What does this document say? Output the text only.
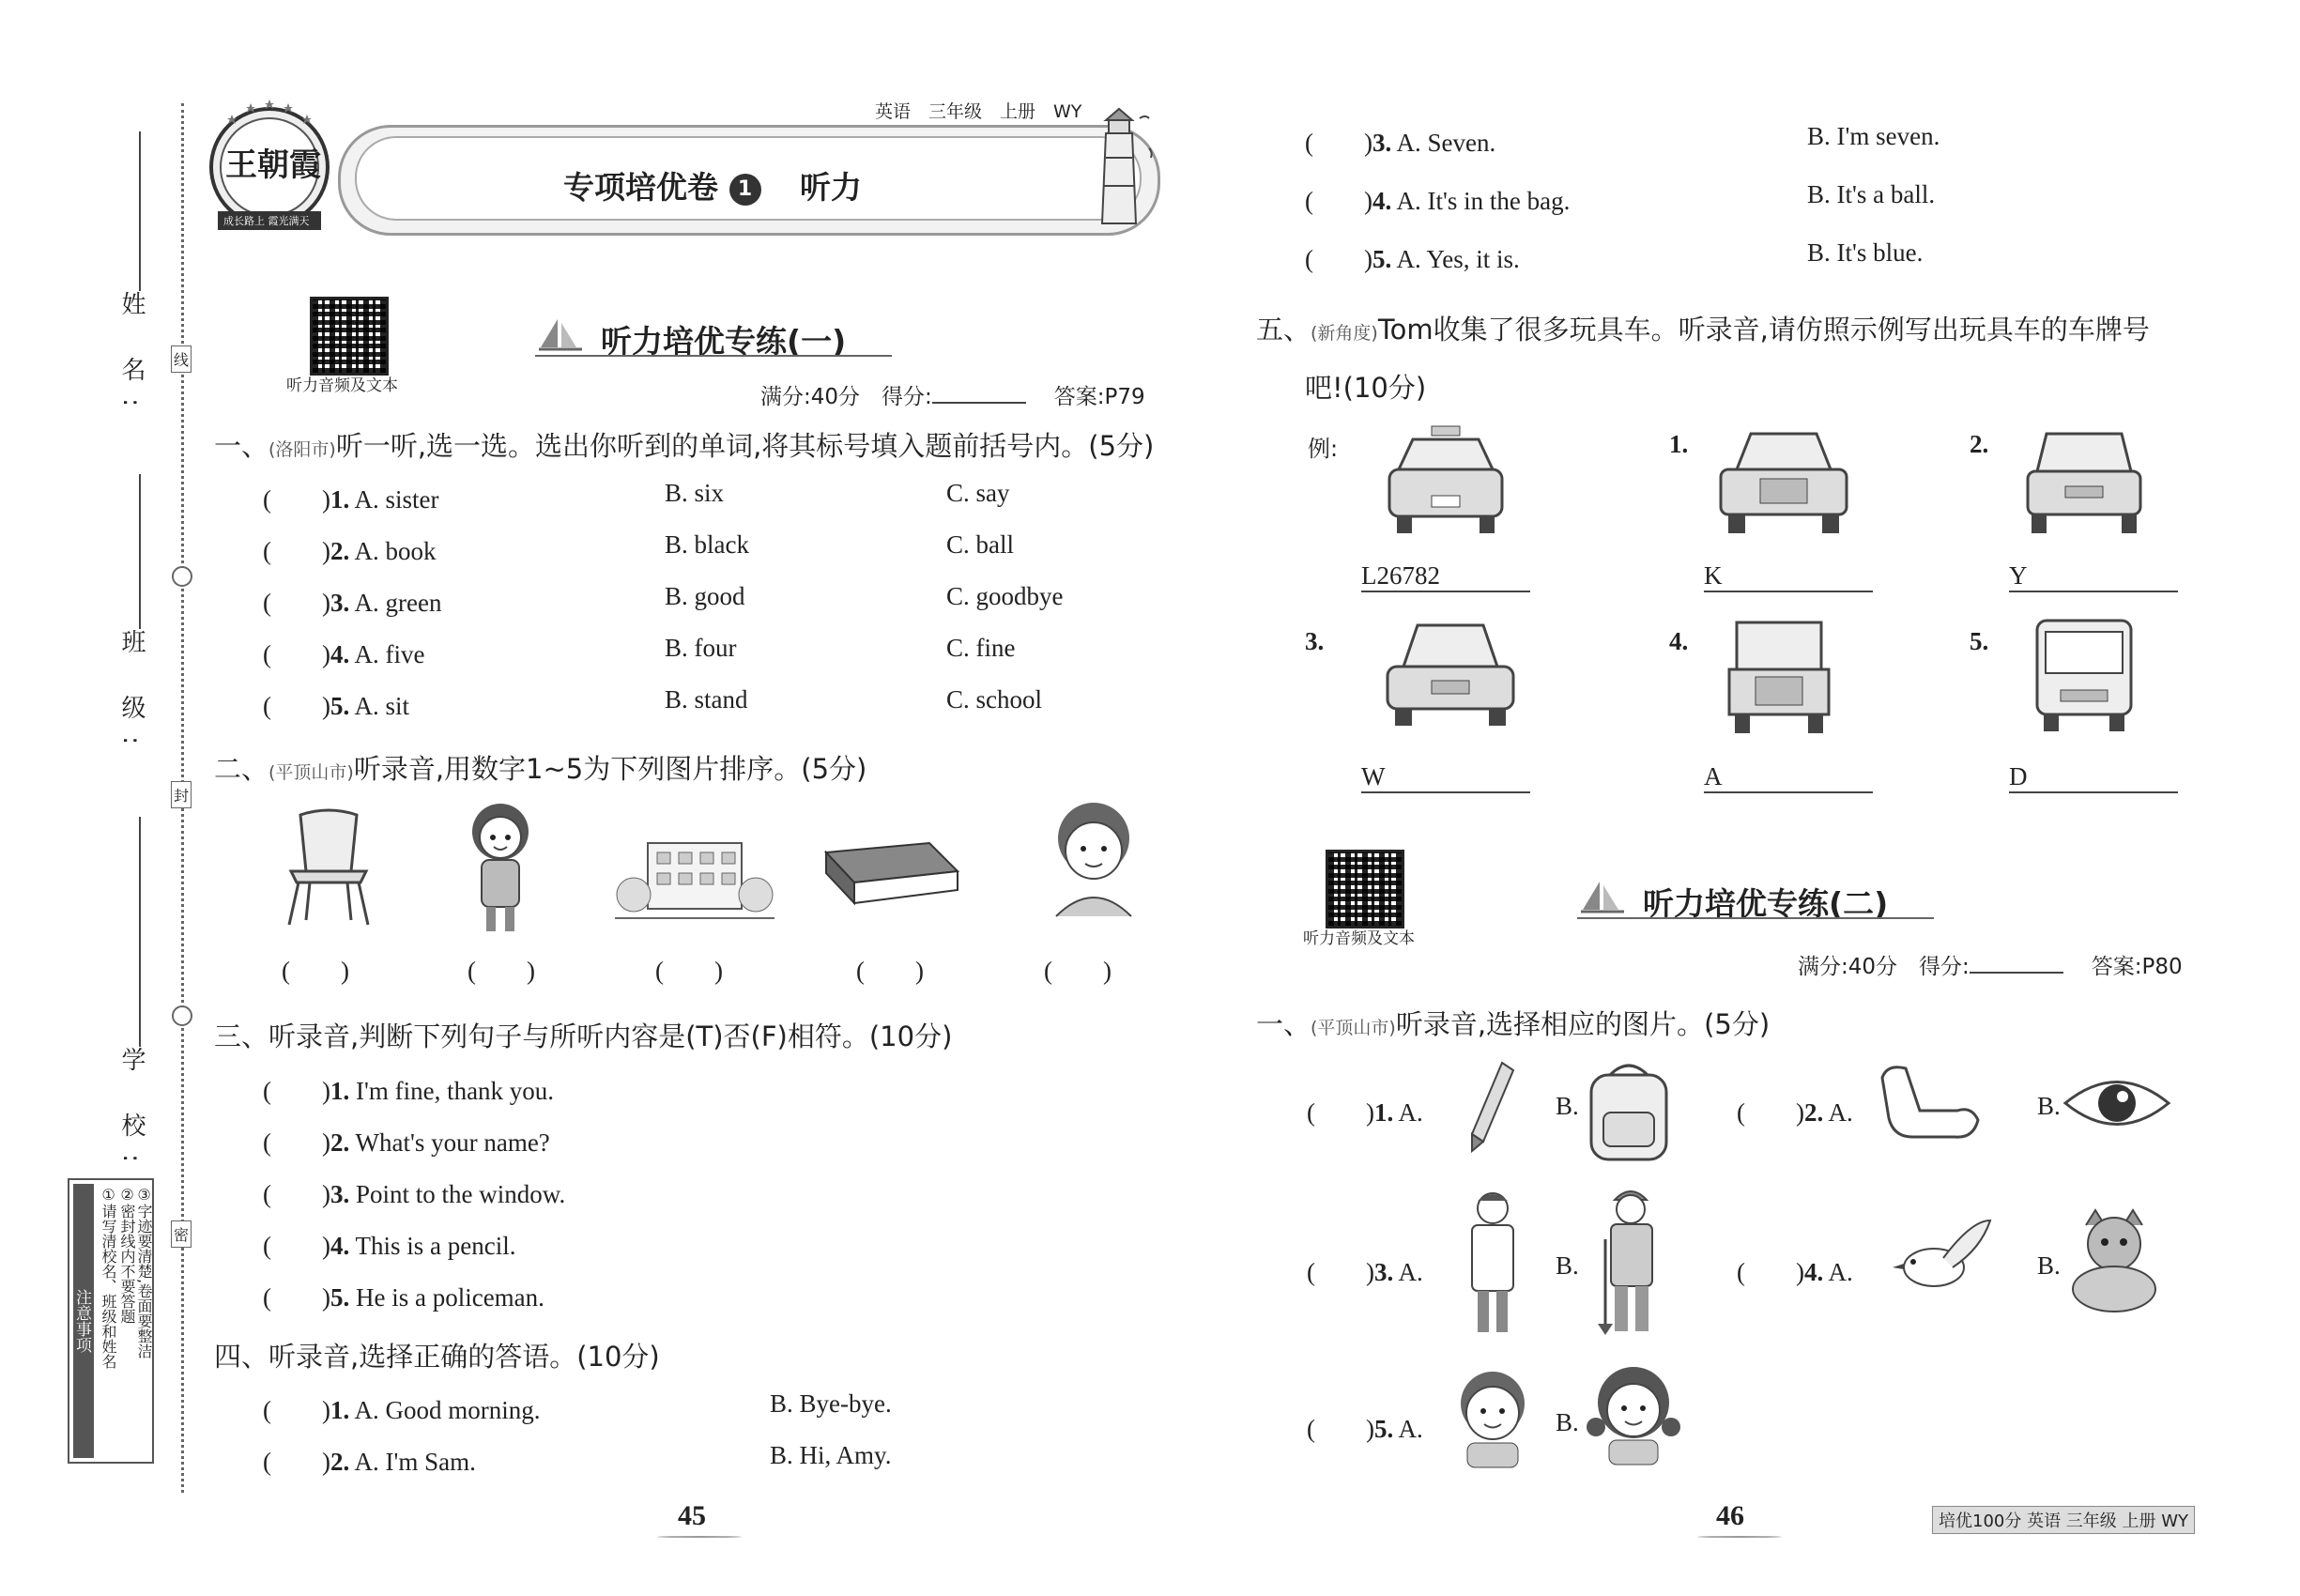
线
封
密
姓 名:
班 级:
学 校:
注意事项 ①请写清校名、班级和姓名 ②密封线内不要答题 ③字迹要清楚,卷面要整洁
王朝霞
成长路上 霞光满天
英语　三年级　上册　WY
专项培优卷 1 听力
听力音频及文本
听力培优专练(一)
满分:40分　得分:	答案:P79
一、(洛阳市)听一听,选一选。选出你听到的单词,将其标号填入题前括号内。(5分)
(　　)1. A. sister	B. six	C. say
(　　)2. A. book	B. black	C. ball
(　　)3. A. green	B. good	C. goodbye
(　　)4. A. five	B. four	C. fine
(　　)5. A. sit	B. stand	C. school
二、(平顶山市)听录音,用数字1~5为下列图片排序。(5分)
(　　)	(　　)	(　　)	(　　)	(　　)
三、听录音,判断下列句子与所听内容是(T)否(F)相符。(10分)
(　　)1. I'm fine, thank you.
(　　)2. What's your name?
(　　)3. Point to the window.
(　　)4. This is a pencil.
(　　)5. He is a policeman.
四、听录音,选择正确的答语。(10分)
(　　)1. A. Good morning.	B. Bye-bye.
(　　)2. A. I'm Sam.	B. Hi, Amy.
45
(　　)3. A. Seven.	B. I'm seven.
(　　)4. A. It's in the bag.	B. It's a ball.
(　　)5. A. Yes, it is.	B. It's blue.
五、(新角度)Tom收集了很多玩具车。听录音,请仿照示例写出玩具车的车牌号
吧!(10分)
例:	1.	2.
3.	4.	5.
L26782	K	Y
W	A	D
听力音频及文本
听力培优专练(二)
满分:40分　得分:	答案:P80
一、(平顶山市)听录音,选择相应的图片。(5分)
(　　)1. A.	B.	(　　)2. A.	B.
(　　)3. A.	B.	(　　)4. A.	B.
(　　)5. A.	B.
46	培优100分 英语 三年级 上册 WY
